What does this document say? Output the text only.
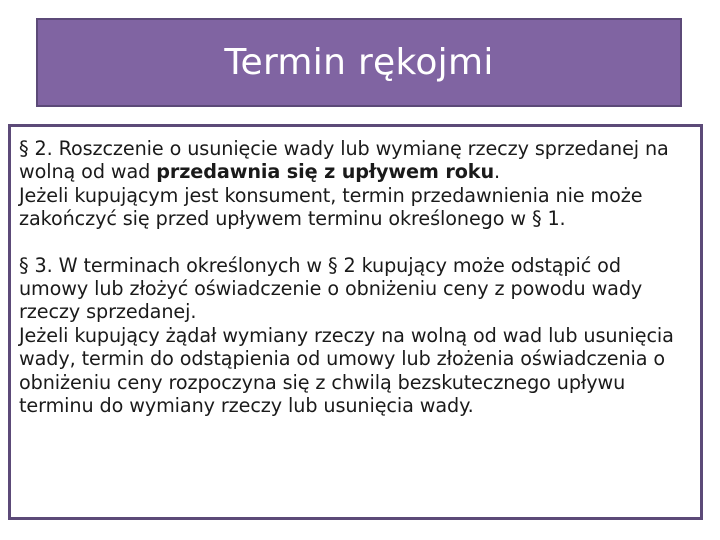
Termin rękojmi

§ 2. Roszczenie o usunięcie wady lub wymianę rzeczy sprzedanej na wolną od wad przedawnia się z upływem roku.

Jeżeli kupującym jest konsument, termin przedawnienia nie może zakończyć się przed upływem terminu określonego w § 1.

§ 3. W terminach określonych w § 2 kupujący może odstąpić od umowy lub złożyć oświadczenie o obniżeniu ceny z powodu wady rzeczy sprzedanej.

Jeżeli kupujący żądał wymiany rzeczy na wolną od wad lub usunięcia wady, termin do odstąpienia od umowy lub złożenia oświadczenia o obniżeniu ceny rozpoczyna się z chwilą bezskutecznego upływu terminu do wymiany rzeczy lub usunięcia wady.
